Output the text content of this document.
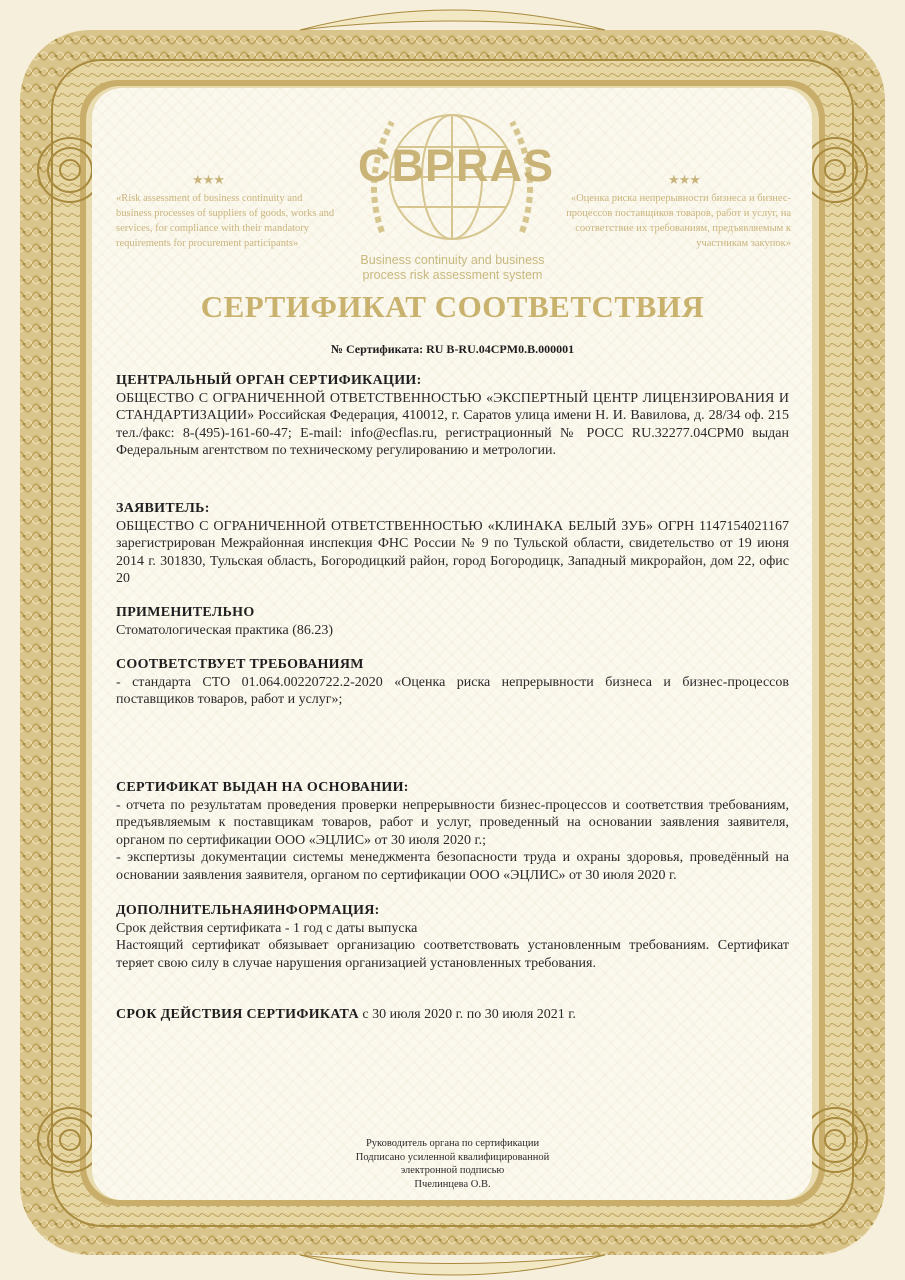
CBPRAS
Business continuity and business
process risk assessment system
★★★	★★★
«Risk assessment of business continuity and business processes of suppliers of goods, works and services, for compliance with their mandatory requirements for procurement participants»
«Оценка риска непрерывности бизнеса и бизнес-процессов поставщиков товаров, работ и услуг, на соответствие их требованиям, предъявляемым к участникам закупок»
СЕРТИФИКАТ СООТВЕТСТВИЯ
№ Сертификата: RU B-RU.04CPM0.B.000001
ЦЕНТРАЛЬНЫЙ ОРГАН СЕРТИФИКАЦИИ:

ОБЩЕСТВО С ОГРАНИЧЕННОЙ ОТВЕТСТВЕННОСТЬЮ «ЭКСПЕРТНЫЙ ЦЕНТР ЛИЦЕНЗИРОВАНИЯ И СТАНДАРТИЗАЦИИ» Российская Федерация, 410012, г. Саратов улица имени Н. И. Вавилова, д. 28/34 оф. 215 тел./факс: 8-(495)-161-60-47; E-mail: info@ecflas.ru, регистрационный № РОСС RU.32277.04CPM0 выдан Федеральным агентством по техническому регулированию и метрологии.

ЗАЯВИТЕЛЬ:

ОБЩЕСТВО С ОГРАНИЧЕННОЙ ОТВЕТСТВЕННОСТЬЮ «КЛИНАКА БЕЛЫЙ ЗУБ» ОГРН 1147154021167 зарегистрирован Межрайонная инспекция ФНС России № 9 по Тульской области, свидетельство от 19 июня 2014 г. 301830, Тульская область, Богородицкий район, город Богородицк, Западный микрорайон, дом 22, офис 20

ПРИМЕНИТЕЛЬНО

Стоматологическая практика (86.23)

СООТВЕТСТВУЕТ ТРЕБОВАНИЯМ

- стандарта СТО 01.064.00220722.2-2020 «Оценка риска непрерывности бизнеса и бизнес-процессов поставщиков товаров, работ и услуг»;

СЕРТИФИКАТ ВЫДАН НА ОСНОВАНИИ:

- отчета по результатам проведения проверки непрерывности бизнес-процессов и соответствия требованиям, предъявляемым к поставщикам товаров, работ и услуг, проведенный на основании заявления заявителя, органом по сертификации ООО «ЭЦЛИС» от 30 июля 2020 г.;

- экспертизы документации системы менеджмента безопасности труда и охраны здоровья, проведённый на основании заявления заявителя, органом по сертификации ООО «ЭЦЛИС» от 30 июля 2020 г.

ДОПОЛНИТЕЛЬНАЯИНФОРМАЦИЯ:

Срок действия сертификата - 1 год с даты выпуска

Настоящий сертификат обязывает организацию соответствовать установленным требованиям. Сертификат теряет свою силу в случае нарушения организацией установленных требования.

СРОК ДЕЙСТВИЯ СЕРТИФИКАТА с 30 июля 2020 г. по 30 июля 2021 г.

Руководитель органа по сертификации
Подписано усиленной квалифицированной
электронной подписью
Пчелинцева О.В.
